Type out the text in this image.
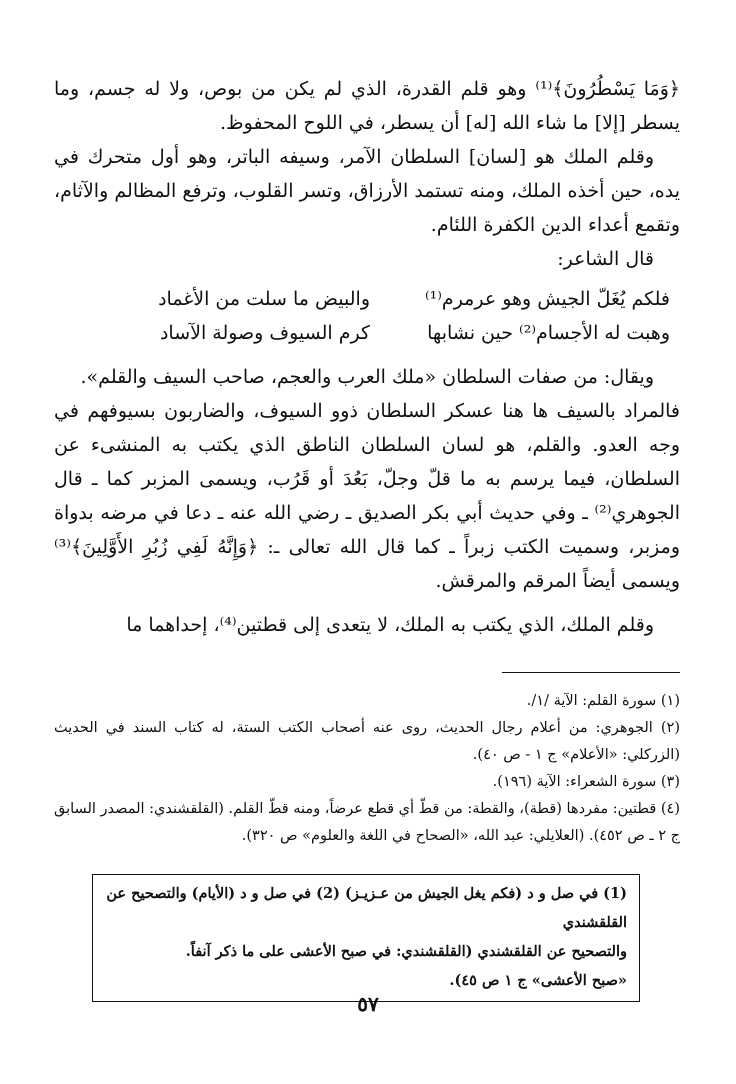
﴿وَمَا يَسْطُرُونَ﴾⁽¹⁾ وهو قلم القدرة، الذي لم يكن من بوص، ولا له جسم، وما يسطر [إلا] ما شاء الله [له] أن يسطر، في اللوح المحفوظ.

وقلم الملك هو [لسان] السلطان الآمر، وسيفه الباتر، وهو أول متحرك في يده، حين أخذه الملك، ومنه تستمد الأرزاق، وتسر القلوب، وترفع المظالم والآثام، وتقمع أعداء الدين الكفرة اللئام.

قال الشاعر:

فلكم يُغَلّ الجيش وهو عرمرم⁽¹⁾
والبيض ما سلت من الأغماد
وهبت له الأجسام⁽²⁾ حين نشابها
كرم السيوف وصولة الآساد

ويقال: من صفات السلطان «ملك العرب والعجم، صاحب السيف والقلم».

فالمراد بالسيف ها هنا عسكر السلطان ذوو السيوف، والضاربون بسيوفهم في وجه العدو. والقلم، هو لسان السلطان الناطق الذي يكتب به المنشىء عن السلطان، فيما يرسم به ما قلّ وجلّ، بَعُدَ أو قَرُب، ويسمى المزبر كما ـ قال الجوهري⁽²⁾ ـ وفي حديث أبي بكر الصديق ـ رضي الله عنه ـ دعا في مرضه بدواة ومزبر، وسميت الكتب زبراً ـ كما قال الله تعالى ـ: ﴿وَإِنَّهُ لَفِي زُبُرِ الأَوَّلِينَ﴾⁽³⁾ ويسمى أيضاً المرقم والمرقش.

وقلم الملك، الذي يكتب به الملك، لا يتعدى إلى قطتين⁽⁴⁾، إحداهما ما

(١) سورة القلم: الآية /١/.

(٢) الجوهري: من أعلام رجال الحديث، روى عنه أصحاب الكتب الستة، له كتاب السند في الحديث (الزركلي: «الأعلام» ج ١ - ص ٤٠).

(٣) سورة الشعراء: الآية (١٩٦).

(٤) قطتين: مفردها (قطة)، والقطة: من قطّ أي قطع عرضاً، ومنه قطّ القلم. (القلقشندي: المصدر السابق ج ٢ ـ ص ٤٥٢). (العلايلي: عبد الله، «الصحاح في اللغة والعلوم» ص ٣٢٠).

(1) في صل و د (فكم يغل الجيش من عـزيـز) (2) في صل و د (الأيام) والتصحيح عن القلقشندي

والتصحيح عن القلقشندي (القلقشندي: في صبح الأعشى على ما ذكر آنفاً.

«صبح الأعشى» ج ١ ص ٤٥).

٥٧
